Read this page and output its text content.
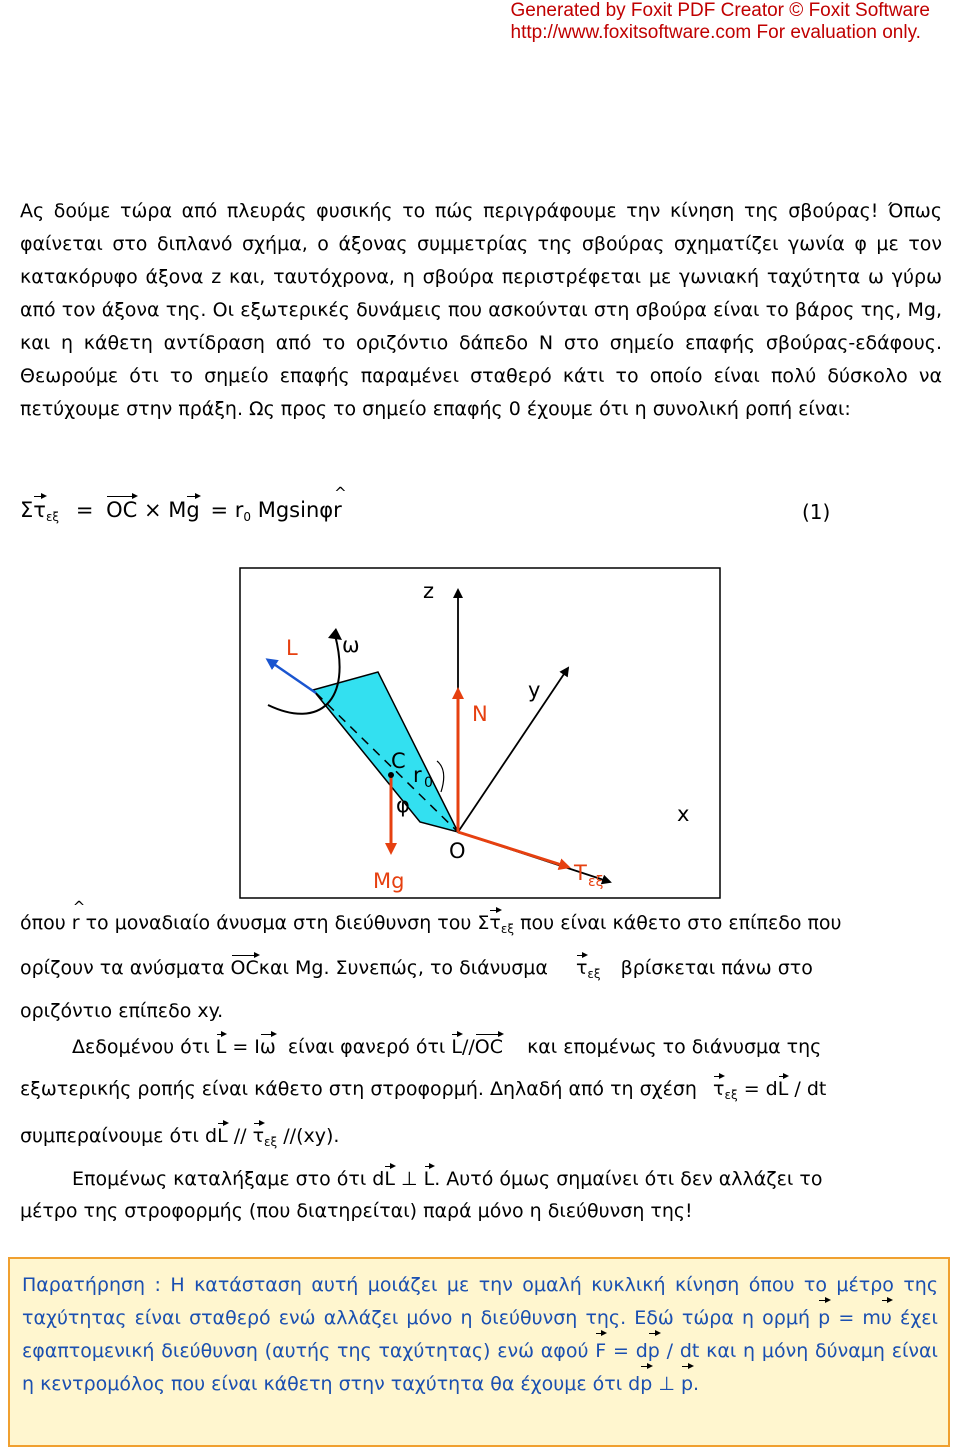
Generated by Foxit PDF Creator © Foxit Software
http://www.foxitsoftware.com For evaluation only.
Ας δούμε τώρα από πλευράς φυσικής το πώς περιγράφουμε την κίνηση της σβούρας! Όπως φαίνεται στο διπλανό σχήμα, ο άξονας συμμετρίας της σβούρας σχηματίζει γωνία φ με τον κατακόρυφο άξονα z και, ταυτόχρονα, η σβούρα περιστρέφεται με γωνιακή ταχύτητα ω γύρω από τον άξονα της. Οι εξωτερικές δυνάμεις που ασκούνται στη σβούρα είναι το βάρος της, Mg, και η κάθετη αντίδραση από το οριζόντιο δάπεδο Ν στο σημείο επαφής σβούρας-εδάφους. Θεωρούμε ότι το σημείο επαφής παραμένει σταθερό κάτι το οποίο είναι πολύ δύσκολο να πετύχουμε στην πράξη. Ως προς το σημείο επαφής 0 έχουμε ότι η συνολική ροπή είναι:
$\Sigma\tau_{\varepsilon\xi}$ = OC × $Mg = r_0$ Mgsinφ^ r	(1)
z
L ω
y
N
C
r 0
φ	x
O
Mg	T εξ
όπου ^ r το μοναδιαίο άνυσμα στη διεύθυνση του $\Sigma\tau_{\varepsilon\xi}$ που είναι κάθετο στο επίπεδο που
ορίζουν τα ανύσματα OCκαι Mg. Συνεπώς, το διάνυσμα $\tau_{\varepsilon\xi}$ βρίσκεται πάνω στο
οριζόντιο επίπεδο xy.
Δεδομένου ότι L = Iω είναι φανερό ότι L//OC και επομένως το διάνυσμα της
εξωτερικής ροπής είναι κάθετο στη στροφορμή. Δηλαδή από τη σχέση $\tau_{\varepsilon\xi}$ = dL / dt
συμπεραίνουμε ότι dL // $\tau_{\varepsilon\xi}$ //(xy).
Επομένως καταλήξαμε στο ότι dL ⊥ L. Αυτό όμως σημαίνει ότι δεν αλλάζει το
μέτρο της στροφορμής (που διατηρείται) παρά μόνο η διεύθυνση της!
Παρατήρηση : Η κατάσταση αυτή μοιάζει με την ομαλή κυκλική κίνηση όπου το μέτρο της ταχύτητας είναι σταθερό ενώ αλλάζει μόνο η διεύθυνση της. Εδώ τώρα η ορμή p = mυ έχει εφαπτομενική διεύθυνση (αυτής της ταχύτητας) ενώ αφού F = dp / dt και η μόνη δύναμη είναι η κεντρομόλος που είναι κάθετη στην ταχύτητα θα έχουμε ότι dp ⊥ p.
